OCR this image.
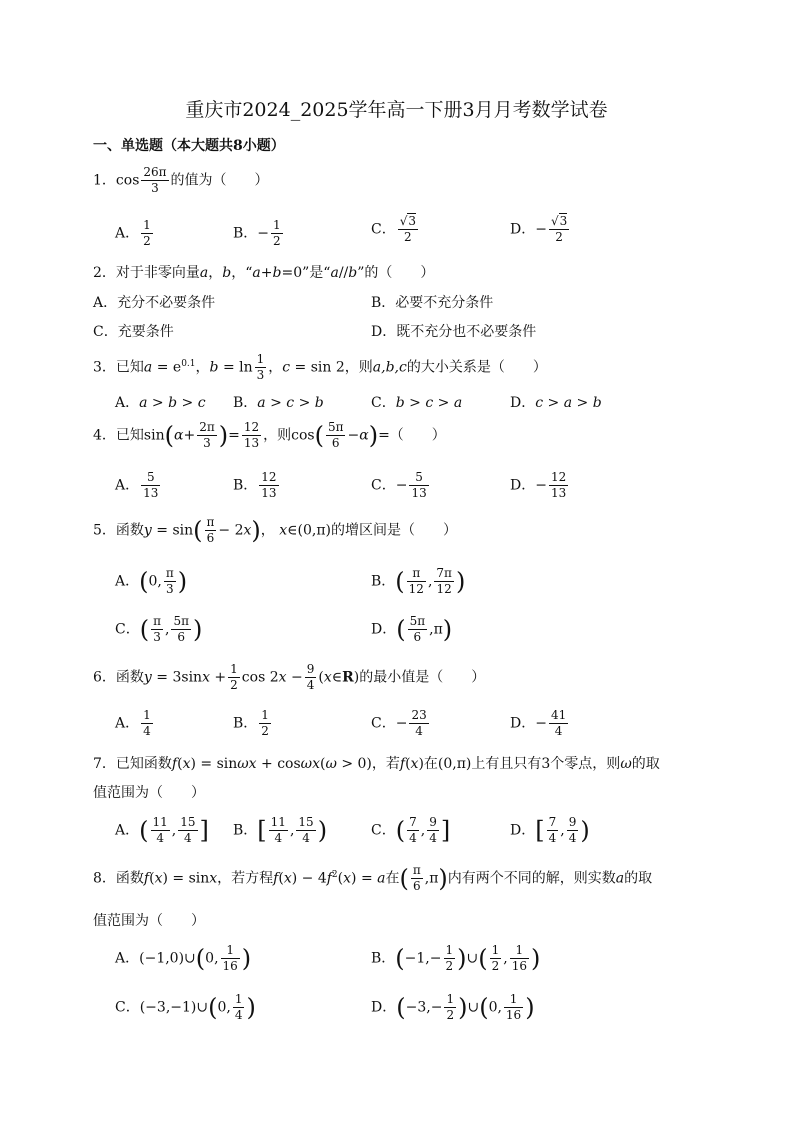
重庆市2024_2025学年高一下册3月月考数学试卷
一、单选题（本大题共8小题）
1．$\cos \frac{26\pi}{3}$ 的值为（　　）
A． $\frac{1}{2}$	B．− $\frac{1}{2}$	C． $\frac{√3}{2}$	D．− $\frac{√3}{2}$
2．对于非零向量a，b，“a+b=0”是“a//b”的（　　）
A．充分不必要条件	B．必要不充分条件
C．充要条件	D．既不充分也不必要条件
3．已知$a = e^{0.1}$，$b = \ln \frac{1}{3}$ ，c = sin 2，则a,b,c的大小关系是（　　）
A．a > b > c B．a > c > b	C．b > c > a	D．c > a > b
4．已知$\sin(\alpha+ \frac{2\pi}{3}$ )= $\frac{12}{13}$ ，则$\cos( \frac{5\pi}{6} -\alpha)=$（　　）
A． $\frac{5}{13}$	B． $\frac{12}{13}$	C．− $\frac{5}{13}$	D．− $\frac{12}{13}$
5．函数$y = \sin( \frac{\pi}{6} - 2x)$， x∈(0,π)的增区间是（　　）
A．(0, $\frac{\pi}{3}$ )	B．( $\frac{\pi}{12}$ , $\frac{7\pi}{12}$ )
C．( $\frac{\pi}{3}$ , $\frac{5\pi}{6}$ )	D．( $\frac{5\pi}{6} ,\pi$)
6．函数$y = 3\sin x + \frac{1}{2}$ $\cos 2x - \frac{9}{4}$ (x∈R)的最小值是（　　）
A． $\frac{1}{4}$	B． $\frac{1}{2}$	C．− $\frac{23}{4}$	D．− $\frac{41}{4}$
7．已知函数f(x) = sinωx + cosωx(ω > 0)，若f(x)在(0,π)上有且只有3个零点，则ω的取
值范围为（　　）
A．( $\frac{11}{4}$ , $\frac{15}{4}$ ] B．[ $\frac{11}{4}$ , $\frac{15}{4}$ )	C．( $\frac{7}{4}$ , $\frac{9}{4}$ ]	D．[ $\frac{7}{4}$ , $\frac{9}{4}$ )
8．函数f(x) = sinx，若方程$f(x) - 4f^2(x) = a$在( $\frac{\pi}{6} ,\pi$)内有两个不同的解，则实数a的取
值范围为（　　）
A．(−1,0)∪(0, $\frac{1}{16}$ )	B．($-1,- \frac{1}{2}$ )∪( $\frac{1}{2}$ , $\frac{1}{16}$ )
C．(−3,−1)∪(0, $\frac{1}{4}$ )	D．($-3,- \frac{1}{2}$ )∪(0, $\frac{1}{16}$ )
